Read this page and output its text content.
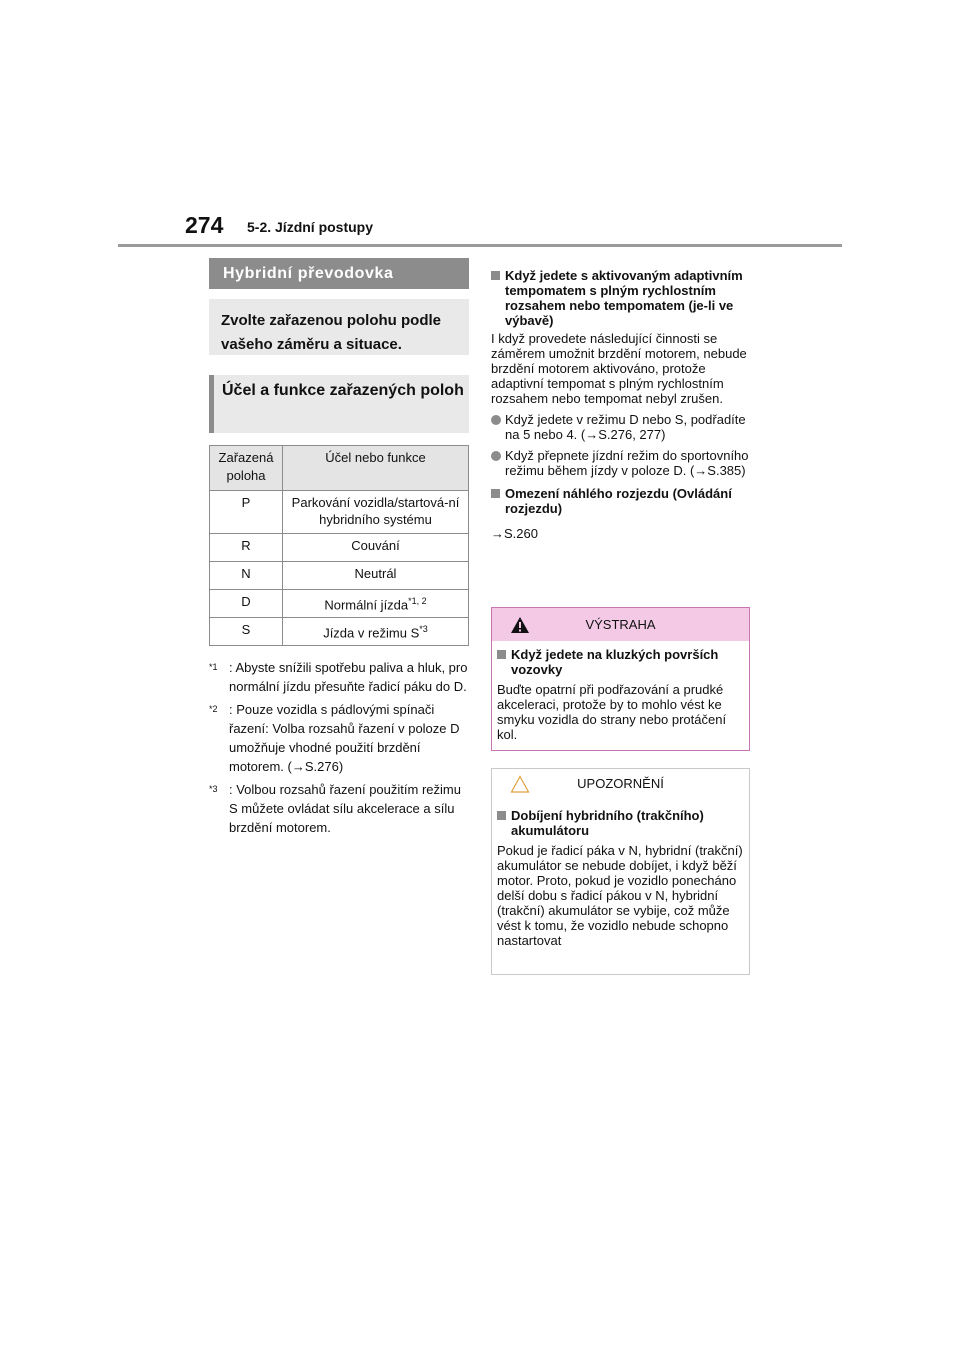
274 5-2. Jízdní postupy
Hybridní převodovka
Zvolte zařazenou polohu podle vašeho záměru a situace.
Účel a funkce zařazených poloh
Zařazená poloha	Účel nebo funkce
P	Parkování vozidla/startová-ní hybridního systému
R	Couvání
N	Neutrál
D	Normální jízda$^{*1, 2}$
S	Jízda v režimu $S^{*3}$
$^{*1}$ : Abyste snížili spotřebu paliva a hluk, pro normální jízdu přesuňte řadicí páku do D.
$^{*2}$ : Pouze vozidla s pádlovými spínači řazení: Volba rozsahů řazení v poloze D umožňuje vhodné použití brzdění motorem. (→S.276)
$^{*3}$ : Volbou rozsahů řazení použitím režimu S můžete ovládat sílu akcelerace a sílu brzdění motorem.
Když jedete s aktivovaným adaptivním tempomatem s plným rychlostním rozsahem nebo tempomatem (je-li ve výbavě)
I když provedete následující činnosti se záměrem umožnit brzdění motorem, nebude brzdění motorem aktivováno, protože adaptivní tempomat s plným rychlostním rozsahem nebo tempomat nebyl zrušen.
Když jedete v režimu D nebo S, podřadíte na 5 nebo 4. (→S.276, 277)
Když přepnete jízdní režim do sportovního režimu během jízdy v poloze D. (→S.385)
Omezení náhlého rozjezdu (Ovládání rozjezdu)
→S.260
VÝSTRAHA
Když jedete na kluzkých površích vozovky
Buďte opatrní při podřazování a prudké akceleraci, protože by to mohlo vést ke smyku vozidla do strany nebo protáčení kol.
UPOZORNĚNÍ
Dobíjení hybridního (trakčního) akumulátoru
Pokud je řadicí páka v N, hybridní (trakční) akumulátor se nebude dobíjet, i když běží motor. Proto, pokud je vozidlo ponecháno delší dobu s řadicí pákou v N, hybridní (trakční) akumulátor se vybije, což může vést k tomu, že vozidlo nebude schopno nastartovat
